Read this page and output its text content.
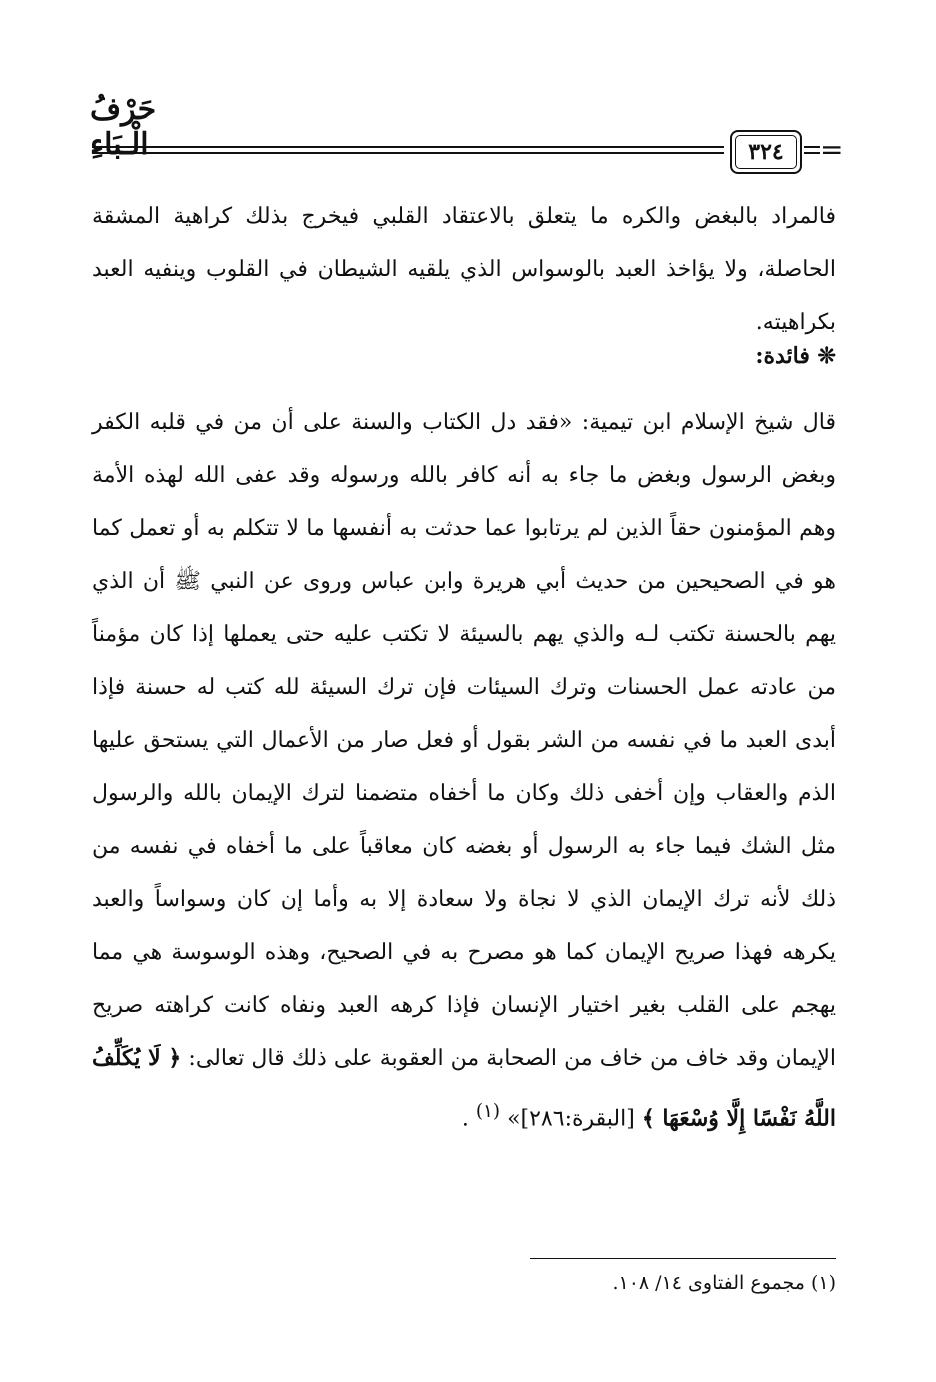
حَرْفُ الْـبَاءِ	٣٢٤	=
فالمراد بالبغض والكره ما يتعلق بالاعتقاد القلبي فيخرج بذلك كراهية المشقة الحاصلة، ولا يؤاخذ العبد بالوسواس الذي يلقيه الشيطان في القلوب وينفيه العبد بكراهيته.
❊ فائدة:
قال شيخ الإسلام ابن تيمية: «فقد دل الكتاب والسنة على أن من في قلبه الكفر وبغض الرسول وبغض ما جاء به أنه كافر بالله ورسوله وقد عفى الله لهذه الأمة وهم المؤمنون حقاً الذين لم يرتابوا عما حدثت به أنفسها ما لا تتكلم به أو تعمل كما هو في الصحيحين من حديث أبي هريرة وابن عباس وروى عن النبي ﷺ أن الذي يهم بالحسنة تكتب لـه والذي يهم بالسيئة لا تكتب عليه حتى يعملها إذا كان مؤمناً من عادته عمل الحسنات وترك السيئات فإن ترك السيئة لله كتب له حسنة فإذا أبدى العبد ما في نفسه من الشر بقول أو فعل صار من الأعمال التي يستحق عليها الذم والعقاب وإن أخفى ذلك وكان ما أخفاه متضمنا لترك الإيمان بالله والرسول مثل الشك فيما جاء به الرسول أو بغضه كان معاقباً على ما أخفاه في نفسه من ذلك لأنه ترك الإيمان الذي لا نجاة ولا سعادة إلا به وأما إن كان وسواساً والعبد يكرهه فهذا صريح الإيمان كما هو مصرح به في الصحيح، وهذه الوسوسة هي مما يهجم على القلب بغير اختيار الإنسان فإذا كرهه العبد ونفاه كانت كراهته صريح الإيمان وقد خاف من خاف من الصحابة من العقوبة على ذلك قال تعالى: ﴿ لَا يُكَلِّفُ اللَّهُ نَفْسًا إِلَّا وُسْعَهَا ﴾ [البقرة:٢٨٦]» $^{(١)}$ .
(١) مجموع الفتاوى ١٤/ ١٠٨.
